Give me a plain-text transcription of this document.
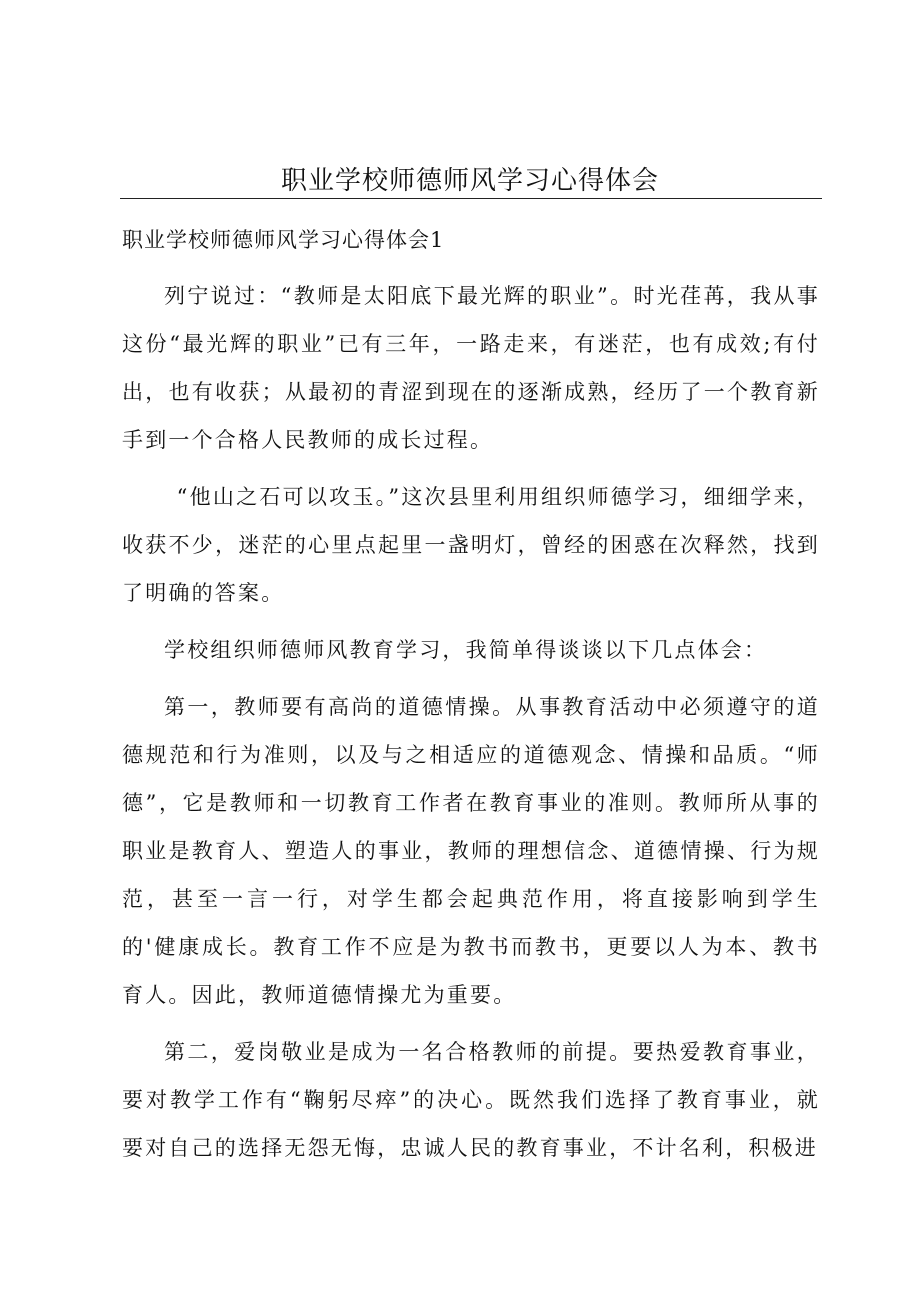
职业学校师德师风学习心得体会

职业学校师德师风学习心得体会1

列宁说过：“教师是太阳底下最光辉的职业”。时光荏苒，我从事这份“最光辉的职业”已有三年，一路走来，有迷茫，也有成效;有付出，也有收获；从最初的青涩到现在的逐渐成熟，经历了一个教育新手到一个合格人民教师的成长过程。

“他山之石可以攻玉。”这次县里利用组织师德学习，细细学来，收获不少，迷茫的心里点起里一盏明灯，曾经的困惑在次释然，找到了明确的答案。

学校组织师德师风教育学习，我简单得谈谈以下几点体会：

第一，教师要有高尚的道德情操。从事教育活动中必须遵守的道德规范和行为准则，以及与之相适应的道德观念、情操和品质。“师德”，它是教师和一切教育工作者在教育事业的准则。教师所从事的职业是教育人、塑造人的事业，教师的理想信念、道德情操、行为规范，甚至一言一行，对学生都会起典范作用，将直接影响到学生的'健康成长。教育工作不应是为教书而教书，更要以人为本、教书育人。因此，教师道德情操尤为重要。

第二，爱岗敬业是成为一名合格教师的前提。要热爱教育事业，要对教学工作有“鞠躬尽瘁”的决心。既然我们选择了教育事业，就要对自己的选择无怨无悔，忠诚人民的教育事业，不计名利，积极进
